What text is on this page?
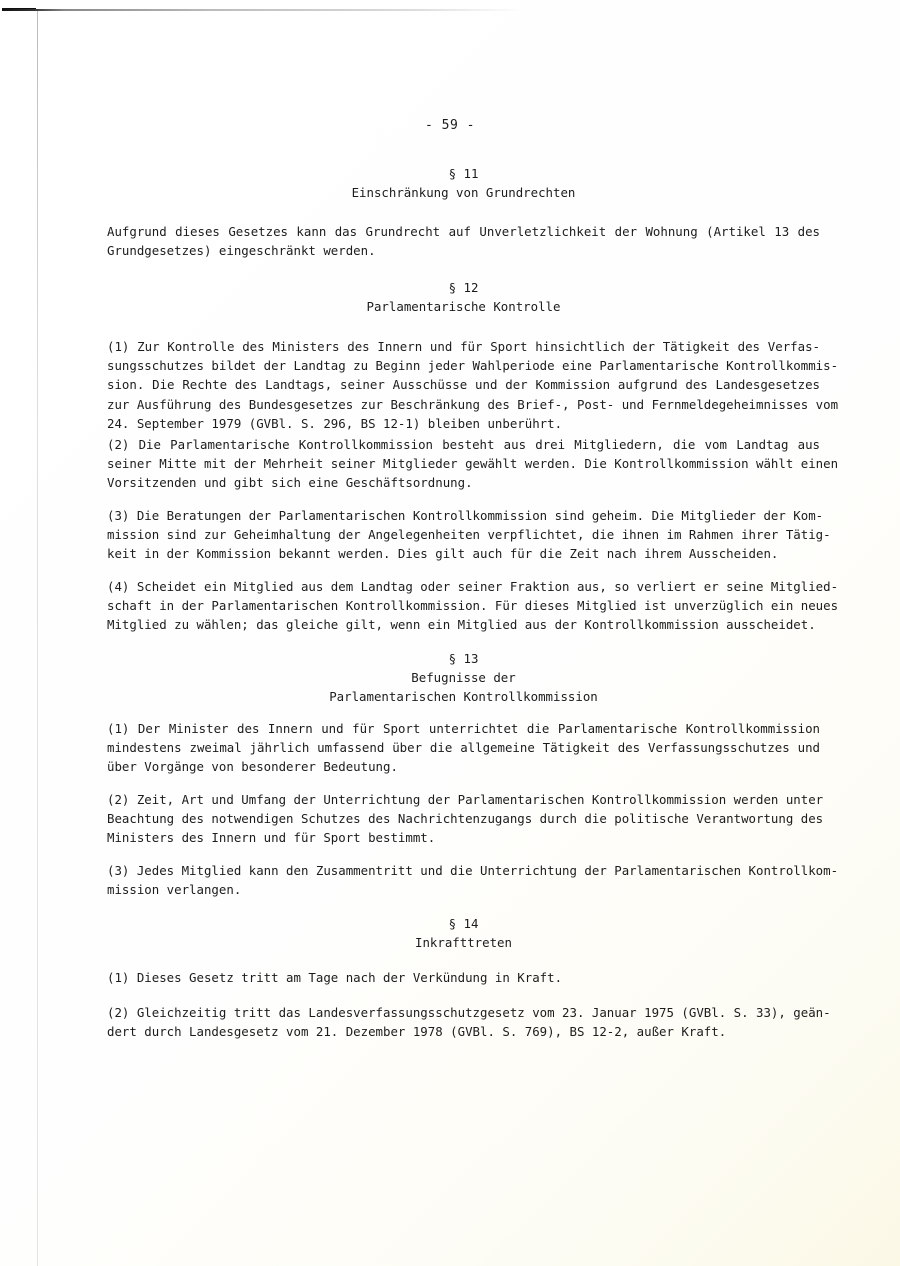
- 59 -
§ 11
Einschränkung von Grundrechten
Aufgrund dieses Gesetzes kann das Grundrecht auf Unverletzlichkeit der Wohnung (Artikel 13 des
Grundgesetzes) eingeschränkt werden.
§ 12
Parlamentarische Kontrolle
(1) Zur Kontrolle des Ministers des Innern und für Sport hinsichtlich der Tätigkeit des Verfas-
sungsschutzes bildet der Landtag zu Beginn jeder Wahlperiode eine Parlamentarische Kontrollkommis-
sion. Die Rechte des Landtags, seiner Ausschüsse und der Kommission aufgrund des Landesgesetzes
zur Ausführung des Bundesgesetzes zur Beschränkung des Brief-, Post- und Fernmeldegeheimnisses vom
24. September 1979 (GVBl. S. 296, BS 12-1) bleiben unberührt.
(2) Die Parlamentarische Kontrollkommission besteht aus drei Mitgliedern, die vom Landtag aus
seiner Mitte mit der Mehrheit seiner Mitglieder gewählt werden. Die Kontrollkommission wählt einen
Vorsitzenden und gibt sich eine Geschäftsordnung.
(3) Die Beratungen der Parlamentarischen Kontrollkommission sind geheim. Die Mitglieder der Kom-
mission sind zur Geheimhaltung der Angelegenheiten verpflichtet, die ihnen im Rahmen ihrer Tätig-
keit in der Kommission bekannt werden. Dies gilt auch für die Zeit nach ihrem Ausscheiden.
(4) Scheidet ein Mitglied aus dem Landtag oder seiner Fraktion aus, so verliert er seine Mitglied-
schaft in der Parlamentarischen Kontrollkommission. Für dieses Mitglied ist unverzüglich ein neues
Mitglied zu wählen; das gleiche gilt, wenn ein Mitglied aus der Kontrollkommission ausscheidet.
§ 13
Befugnisse der
Parlamentarischen Kontrollkommission
(1) Der Minister des Innern und für Sport unterrichtet die Parlamentarische Kontrollkommission
mindestens zweimal jährlich umfassend über die allgemeine Tätigkeit des Verfassungsschutzes und
über Vorgänge von besonderer Bedeutung.
(2) Zeit, Art und Umfang der Unterrichtung der Parlamentarischen Kontrollkommission werden unter
Beachtung des notwendigen Schutzes des Nachrichtenzugangs durch die politische Verantwortung des
Ministers des Innern und für Sport bestimmt.
(3) Jedes Mitglied kann den Zusammentritt und die Unterrichtung der Parlamentarischen Kontrollkom-
mission verlangen.
§ 14
Inkrafttreten
(1) Dieses Gesetz tritt am Tage nach der Verkündung in Kraft.
(2) Gleichzeitig tritt das Landesverfassungsschutzgesetz vom 23. Januar 1975 (GVBl. S. 33), geän-
dert durch Landesgesetz vom 21. Dezember 1978 (GVBl. S. 769), BS 12-2, außer Kraft.
